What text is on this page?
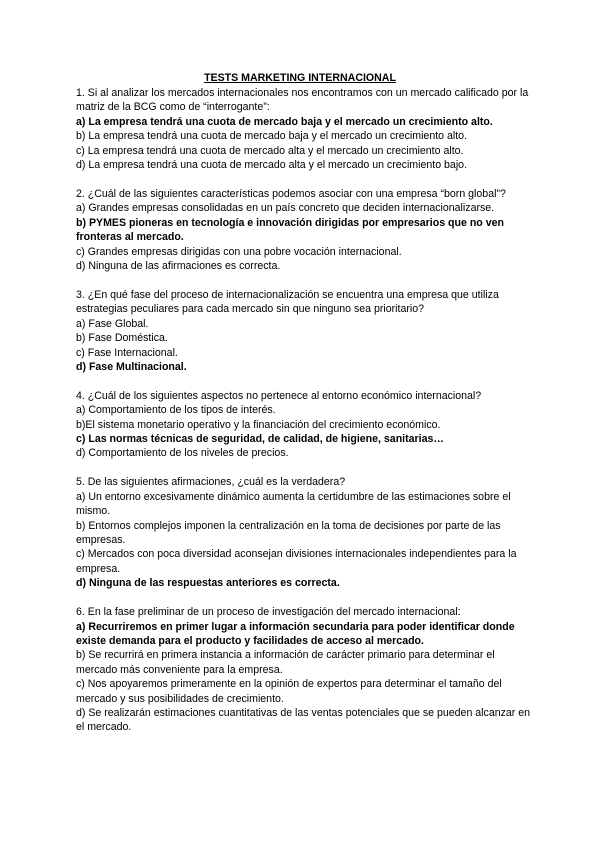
TESTS MARKETING INTERNACIONAL
1. Si al analizar los mercados internacionales nos encontramos con un mercado calificado por la matriz de la BCG como de “interrogante”:
a) La empresa tendrá una cuota de mercado baja y el mercado un crecimiento alto.
b) La empresa tendrá una cuota de mercado baja y el mercado un crecimiento alto.
c) La empresa tendrá una cuota de mercado alta y el mercado un crecimiento alto.
d) La empresa tendrá una cuota de mercado alta y el mercado un crecimiento bajo.
2. ¿Cuál de las siguientes características podemos asociar con una empresa “born global”?
a) Grandes empresas consolidadas en un país concreto que deciden internacionalizarse.
b) PYMES pioneras en tecnología e innovación dirigidas por empresarios que no ven fronteras al mercado.
c) Grandes empresas dirigidas con una pobre vocación internacional.
d) Ninguna de las afirmaciones es correcta.
3. ¿En qué fase del proceso de internacionalización se encuentra una empresa que utiliza estrategias peculiares para cada mercado sin que ninguno sea prioritario?
a) Fase Global.
b) Fase Doméstica.
c) Fase Internacional.
d) Fase Multinacional.
4. ¿Cuál de los siguientes aspectos no pertenece al entorno económico internacional?
a) Comportamiento de los tipos de interés.
b)El sistema monetario operativo y la financiación del crecimiento económico.
c) Las normas técnicas de seguridad, de calidad, de higiene, sanitarias…
d) Comportamiento de los niveles de precios.
5. De las siguientes afirmaciones, ¿cuál es la verdadera?
a) Un entorno excesivamente dinámico aumenta la certidumbre de las estimaciones sobre el mismo.
b) Entornos complejos imponen la centralización en la toma de decisiones por parte de las empresas.
c) Mercados con poca diversidad aconsejan divisiones internacionales independientes para la empresa.
d) Ninguna de las respuestas anteriores es correcta.
6. En la fase preliminar de un proceso de investigación del mercado internacional:
a) Recurriremos en primer lugar a información secundaria para poder identificar donde existe demanda para el producto y facilidades de acceso al mercado.
b) Se recurrirá en primera instancia a información de carácter primario para determinar el mercado más conveniente para la empresa.
c) Nos apoyaremos primeramente en la opinión de expertos para determinar el tamaño del mercado y sus posibilidades de crecimiento.
d) Se realizarán estimaciones cuantitativas de las ventas potenciales que se pueden alcanzar en el mercado.
